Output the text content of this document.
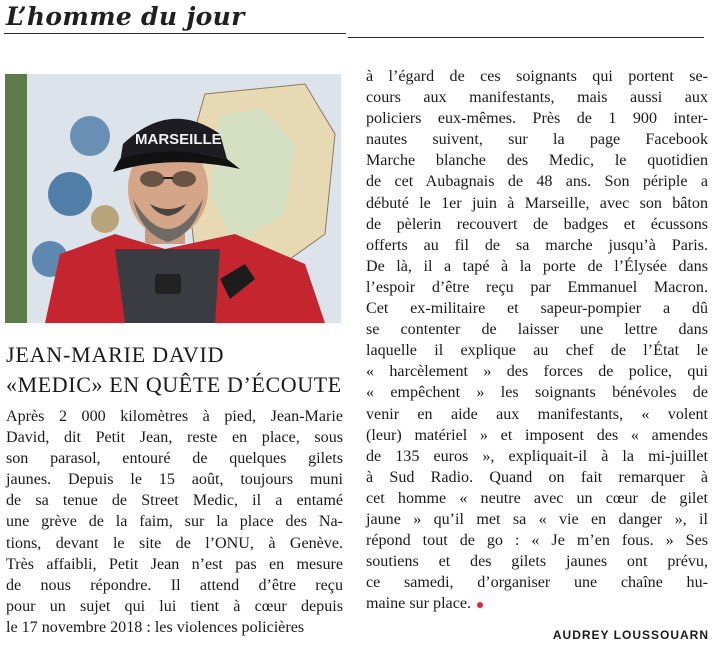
L’homme du jour
MARSEILLE
JEAN-MARIE DAVID
«MEDIC» EN QUÊTE D’ÉCOUTE
Après 2 000 kilomètres à pied, Jean-Marie
David, dit Petit Jean, reste en place, sous
son parasol, entouré de quelques gilets
jaunes. Depuis le 15 août, toujours muni
de sa tenue de Street Medic, il a entamé
une grève de la faim, sur la place des Na-
tions, devant le site de l’ONU, à Genève.
Très affaibli, Petit Jean n’est pas en mesure
de nous répondre. Il attend d’être reçu
pour un sujet qui lui tient à cœur depuis
le 17 novembre 2018 : les violences policières
à l’égard de ces soignants qui portent se-
cours aux manifestants, mais aussi aux
policiers eux-mêmes. Près de 1 900 inter-
nautes suivent, sur la page Facebook
Marche blanche des Medic, le quotidien
de cet Aubagnais de 48 ans. Son périple a
débuté le 1er juin à Marseille, avec son bâton
de pèlerin recouvert de badges et écussons
offerts au fil de sa marche jusqu’à Paris.
De là, il a tapé à la porte de l’Élysée dans
l’espoir d’être reçu par Emmanuel Macron.
Cet ex-militaire et sapeur-pompier a dû
se contenter de laisser une lettre dans
laquelle il explique au chef de l’État le
« harcèlement » des forces de police, qui
« empêchent » les soignants bénévoles de
venir en aide aux manifestants, « volent
(leur) matériel » et imposent des « amendes
de 135 euros », expliquait-il à la mi-juillet
à Sud Radio. Quand on fait remarquer à
cet homme « neutre avec un cœur de gilet
jaune » qu’il met sa « vie en danger », il
répond tout de go : « Je m’en fous. » Ses
soutiens et des gilets jaunes ont prévu,
ce samedi, d’organiser une chaîne hu-
maine sur place.
AUDREY LOUSSOUARN
